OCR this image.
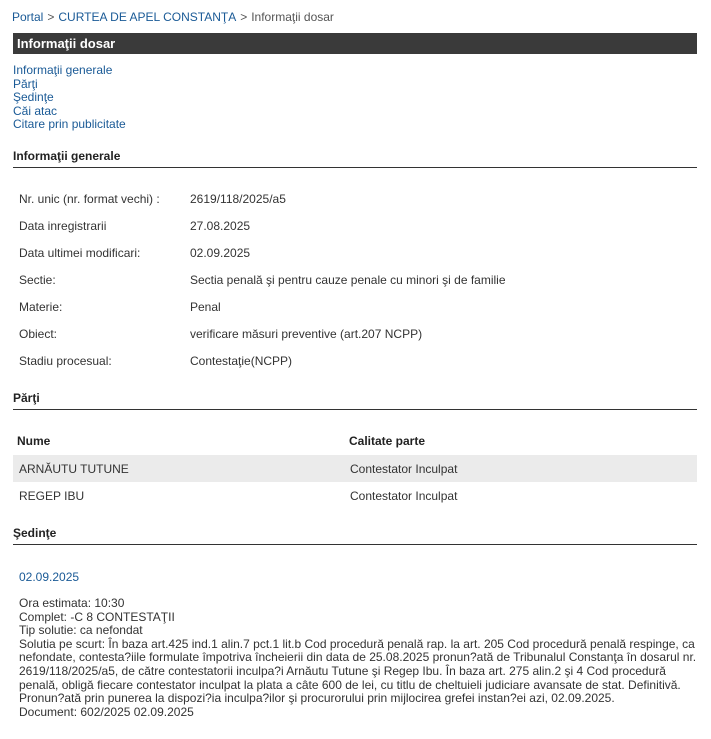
Portal > CURTEA DE APEL CONSTANŢA > Informaţii dosar
Informaţii dosar
Informaţii generale
Părţi
Şedinţe
Căi atac
Citare prin publicitate
Informaţii generale
Nr. unic (nr. format vechi) :	2619/118/2025/a5
Data inregistrarii	27.08.2025
Data ultimei modificari:	02.09.2025
Sectie:	Sectia penală şi pentru cauze penale cu minori şi de familie
Materie:	Penal
Obiect:	verificare măsuri preventive (art.207 NCPP)
Stadiu procesual:	Contestaţie(NCPP)
Părţi
Nume	Calitate parte
ARNĂUTU TUTUNE	Contestator Inculpat
REGEP IBU	Contestator Inculpat
Şedinţe
02.09.2025
Ora estimata: 10:30
Complet: -C 8 CONTESTAŢII
Tip solutie: ca nefondat
Solutia pe scurt: În baza art.425 ind.1 alin.7 pct.1 lit.b Cod procedură penală rap. la art. 205 Cod procedură penală respinge, ca nefondate, contesta?iile formulate împotriva încheierii din data de 25.08.2025 pronun?ată de Tribunalul Constanţa în dosarul nr. 2619/118/2025/a5, de către contestatorii inculpa?i Arnăutu Tutune şi Regep Ibu. În baza art. 275 alin.2 şi 4 Cod procedură penală, obligă fiecare contestator inculpat la plata a câte 600 de lei, cu titlu de cheltuieli judiciare avansate de stat. Definitivă. Pronun?ată prin punerea la dispozi?ia inculpa?ilor şi procurorului prin mijlocirea grefei instan?ei azi, 02.09.2025.
Document: 602/2025 02.09.2025
